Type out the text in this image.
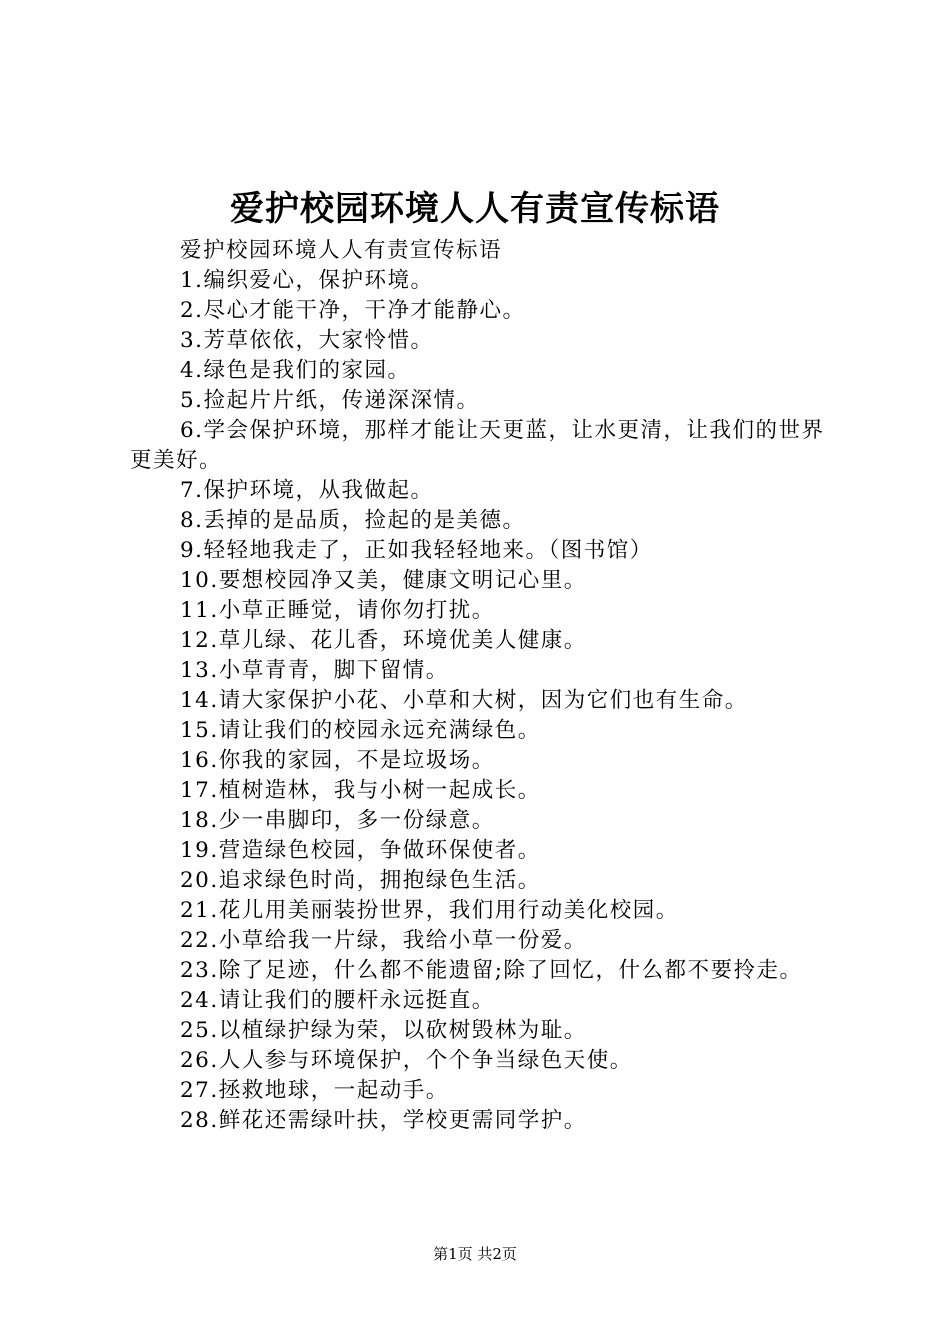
爱护校园环境人人有责宣传标语

爱护校园环境人人有责宣传标语

1.编织爱心，保护环境。

2.尽心才能干净，干净才能静心。

3.芳草依依，大家怜惜。

4.绿色是我们的家园。

5.捡起片片纸，传递深深情。

6.学会保护环境，那样才能让天更蓝，让水更清，让我们的世界更美好。

7.保护环境，从我做起。

8.丢掉的是品质，捡起的是美德。

9.轻轻地我走了，正如我轻轻地来。（图书馆）

10.要想校园净又美，健康文明记心里。

11.小草正睡觉，请你勿打扰。

12.草儿绿、花儿香，环境优美人健康。

13.小草青青，脚下留情。

14.请大家保护小花、小草和大树，因为它们也有生命。

15.请让我们的校园永远充满绿色。

16.你我的家园，不是垃圾场。

17.植树造林，我与小树一起成长。

18.少一串脚印，多一份绿意。

19.营造绿色校园，争做环保使者。

20.追求绿色时尚，拥抱绿色生活。

21.花儿用美丽装扮世界，我们用行动美化校园。

22.小草给我一片绿，我给小草一份爱。

23.除了足迹，什么都不能遗留;除了回忆，什么都不要拎走。

24.请让我们的腰杆永远挺直。

25.以植绿护绿为荣，以砍树毁林为耻。

26.人人参与环境保护，个个争当绿色天使。

27.拯救地球，一起动手。

28.鲜花还需绿叶扶，学校更需同学护。

第1页 共2页
